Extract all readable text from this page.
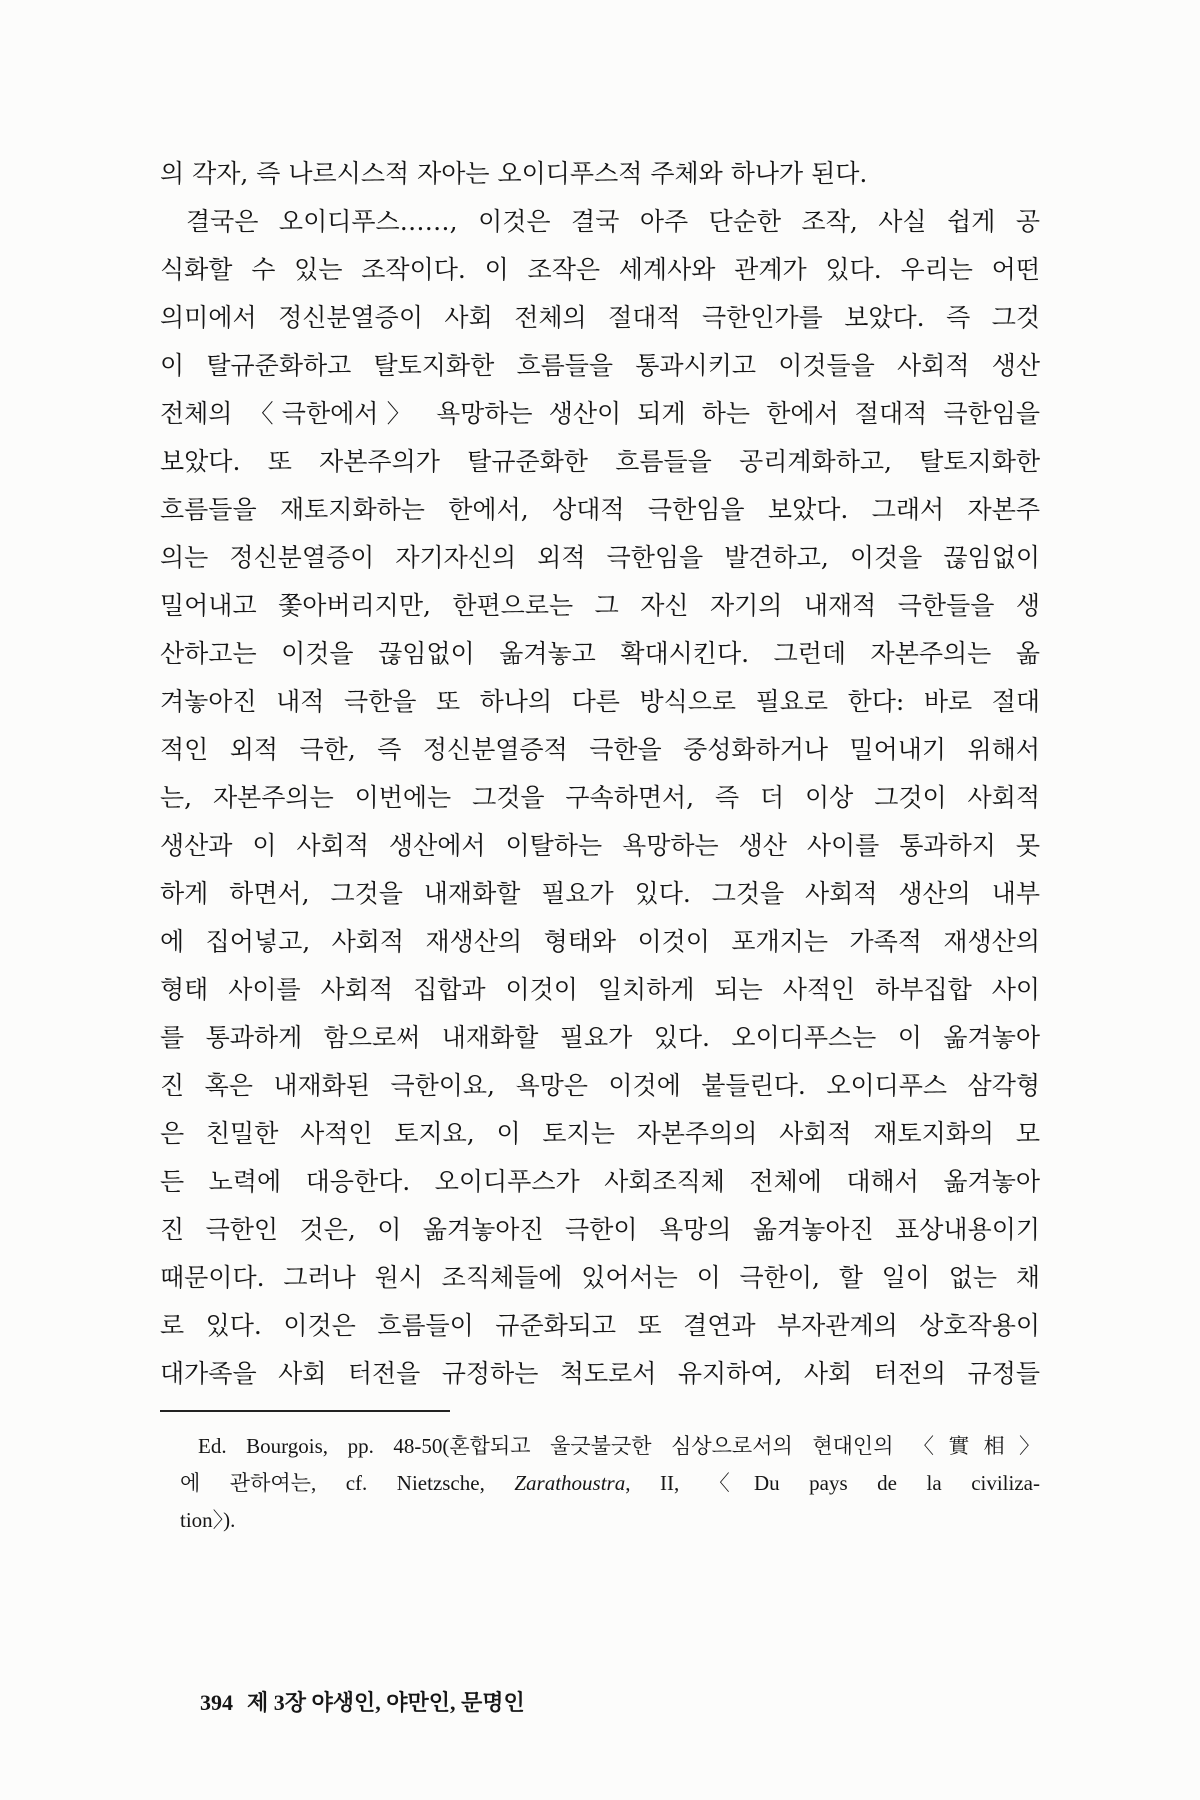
의 각자, 즉 나르시스적 자아는 오이디푸스적 주체와 하나가 된다.
결국은 오이디푸스……, 이것은 결국 아주 단순한 조작, 사실 쉽게 공
식화할 수 있는 조작이다. 이 조작은 세계사와 관계가 있다. 우리는 어떤
의미에서 정신분열증이 사회 전체의 절대적 극한인가를 보았다. 즉 그것
이 탈규준화하고 탈토지화한 흐름들을 통과시키고 이것들을 사회적 생산
전체의 〈극한에서〉 욕망하는 생산이 되게 하는 한에서 절대적 극한임을
보았다. 또 자본주의가 탈규준화한 흐름들을 공리계화하고, 탈토지화한
흐름들을 재토지화하는 한에서, 상대적 극한임을 보았다. 그래서 자본주
의는 정신분열증이 자기자신의 외적 극한임을 발견하고, 이것을 끊임없이
밀어내고 쫓아버리지만, 한편으로는 그 자신 자기의 내재적 극한들을 생
산하고는 이것을 끊임없이 옮겨놓고 확대시킨다. 그런데 자본주의는 옮
겨놓아진 내적 극한을 또 하나의 다른 방식으로 필요로 한다: 바로 절대
적인 외적 극한, 즉 정신분열증적 극한을 중성화하거나 밀어내기 위해서
는, 자본주의는 이번에는 그것을 구속하면서, 즉 더 이상 그것이 사회적
생산과 이 사회적 생산에서 이탈하는 욕망하는 생산 사이를 통과하지 못
하게 하면서, 그것을 내재화할 필요가 있다. 그것을 사회적 생산의 내부
에 집어넣고, 사회적 재생산의 형태와 이것이 포개지는 가족적 재생산의
형태 사이를 사회적 집합과 이것이 일치하게 되는 사적인 하부집합 사이
를 통과하게 함으로써 내재화할 필요가 있다. 오이디푸스는 이 옮겨놓아
진 혹은 내재화된 극한이요, 욕망은 이것에 붙들린다. 오이디푸스 삼각형
은 친밀한 사적인 토지요, 이 토지는 자본주의의 사회적 재토지화의 모
든 노력에 대응한다. 오이디푸스가 사회조직체 전체에 대해서 옮겨놓아
진 극한인 것은, 이 옮겨놓아진 극한이 욕망의 옮겨놓아진 표상내용이기
때문이다. 그러나 원시 조직체들에 있어서는 이 극한이, 할 일이 없는 채
로 있다. 이것은 흐름들이 규준화되고 또 결연과 부자관계의 상호작용이
대가족을 사회 터전을 규정하는 척도로서 유지하여, 사회 터전의 규정들
Ed. Bourgois, pp. 48-50(혼합되고 울긋불긋한 심상으로서의 현대인의 〈實相〉
에 관하여는, cf. Nietzsche, Zarathoustra, II, 〈Du pays de la civiliza-
tion〉).
394 제 3장 야생인, 야만인, 문명인
